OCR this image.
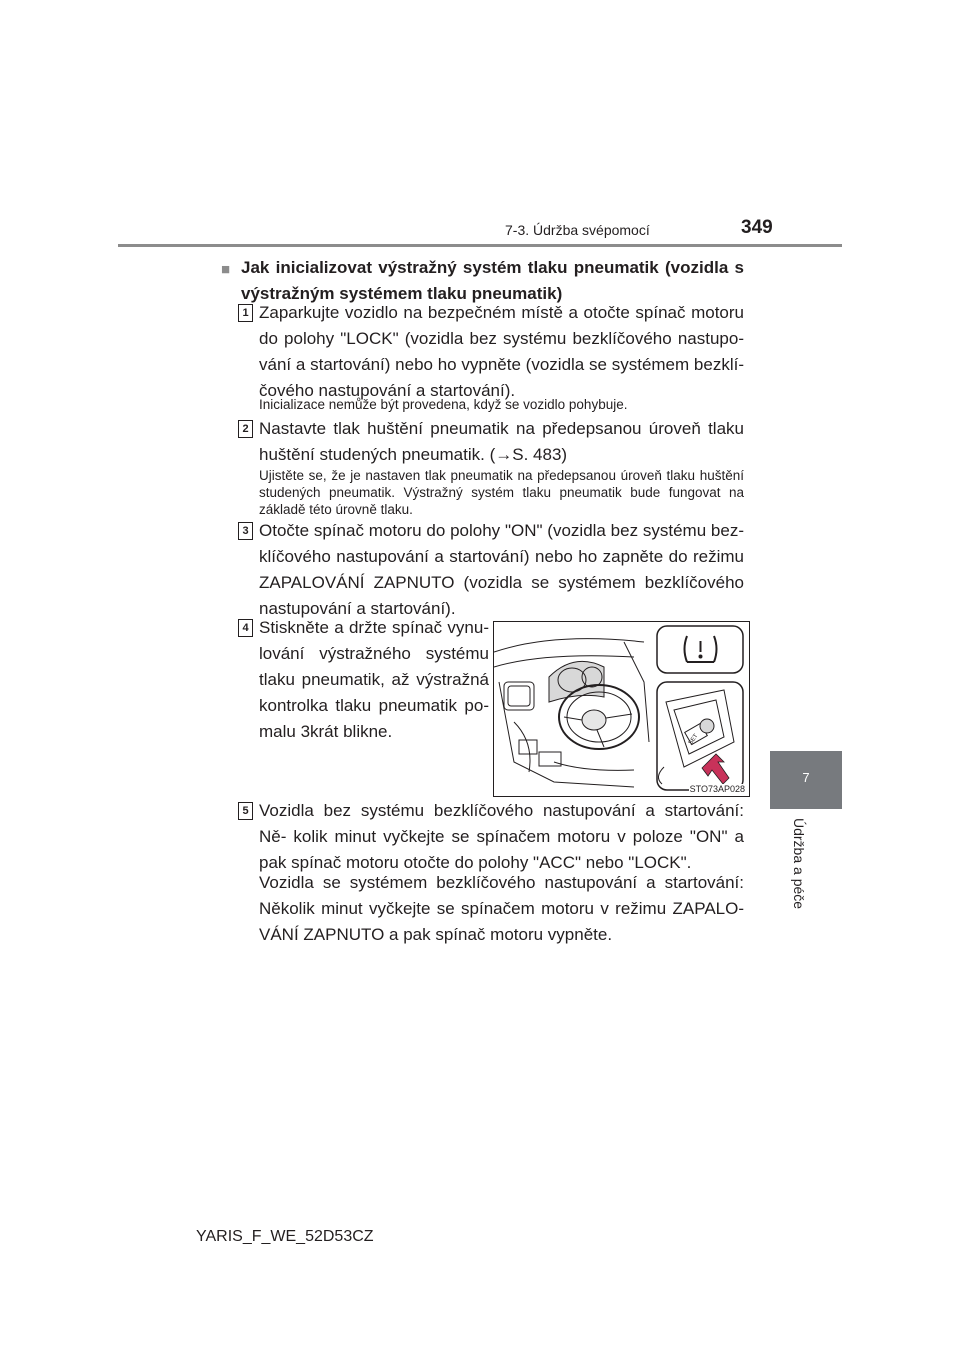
7-3. Údržba svépomocí	349
7
Údržba a péče
■ Jak inicializovat výstražný systém tlaku pneumatik (vozidla s výstražným systémem tlaku pneumatik)
1 Zaparkujte vozidlo na bezpečném místě a otočte spínač motoru do polohy "LOCK" (vozidla bez systému bezklíčového nastupo- vání a startování) nebo ho vypněte (vozidla se systémem bezklí- čového nastupování a startování).
Inicializace nemůže být provedena, když se vozidlo pohybuje.
2 Nastavte tlak huštění pneumatik na předepsanou úroveň tlaku huštění studených pneumatik. (→S. 483)
Ujistěte se, že je nastaven tlak pneumatik na předepsanou úroveň tlaku huštění studených pneumatik. Výstražný systém tlaku pneumatik bude fungovat na základě této úrovně tlaku.
3 Otočte spínač motoru do polohy "ON" (vozidla bez systému bez- klíčového nastupování a startování) nebo ho zapněte do režimu ZAPALOVÁNÍ ZAPNUTO (vozidla se systémem bezklíčového nastupování a startování).
4 Stiskněte a držte spínač vynu- lování výstražného systému tlaku pneumatik, až výstražná kontrolka tlaku pneumatik po- malu 3krát blikne.	SET
STO73AP028
5 Vozidla bez systému bezklíčového nastupování a startování: Ně- kolik minut vyčkejte se spínačem motoru v poloze "ON" a pak spínač motoru otočte do polohy "ACC" nebo "LOCK".
Vozidla se systémem bezklíčového nastupování a startování: Několik minut vyčkejte se spínačem motoru v režimu ZAPALO- VÁNÍ ZAPNUTO a pak spínač motoru vypněte.
YARIS_F_WE_52D53CZ
